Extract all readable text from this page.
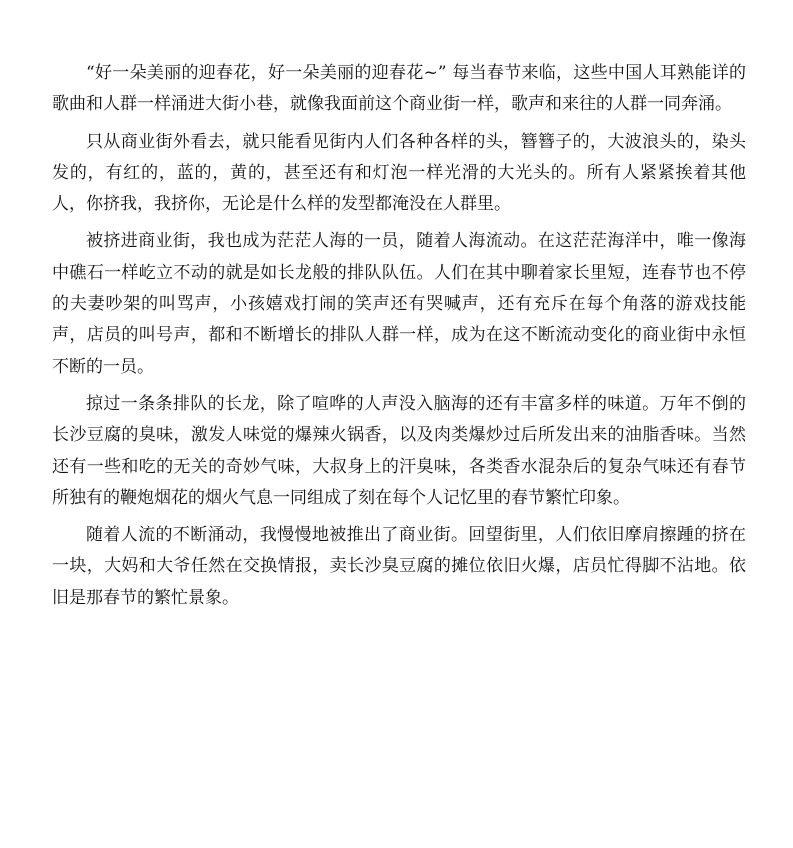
“好一朵美丽的迎春花，好一朵美丽的迎春花~” 每当春节来临，这些中国人耳熟能详的歌曲和人群一样涌进大街小巷，就像我面前这个商业街一样，歌声和来往的人群一同奔涌。

只从商业街外看去，就只能看见街内人们各种各样的头，簪簪子的，大波浪头的，染头发的，有红的，蓝的，黄的，甚至还有和灯泡一样光滑的大光头的。所有人紧紧挨着其他人，你挤我，我挤你，无论是什么样的发型都淹没在人群里。

被挤进商业街，我也成为茫茫人海的一员，随着人海流动。在这茫茫海洋中，唯一像海中礁石一样屹立不动的就是如长龙般的排队队伍。人们在其中聊着家长里短，连春节也不停的夫妻吵架的叫骂声，小孩嬉戏打闹的笑声还有哭喊声，还有充斥在每个角落的游戏技能声，店员的叫号声，都和不断增长的排队人群一样，成为在这不断流动变化的商业街中永恒不断的一员。

掠过一条条排队的长龙，除了喧哗的人声没入脑海的还有丰富多样的味道。万年不倒的长沙豆腐的臭味，激发人味觉的爆辣火锅香，以及肉类爆炒过后所发出来的油脂香味。当然还有一些和吃的无关的奇妙气味，大叔身上的汗臭味，各类香水混杂后的复杂气味还有春节所独有的鞭炮烟花的烟火气息一同组成了刻在每个人记忆里的春节繁忙印象。

随着人流的不断涌动，我慢慢地被推出了商业街。回望街里，人们依旧摩肩擦踵的挤在一块，大妈和大爷任然在交换情报，卖长沙臭豆腐的摊位依旧火爆，店员忙得脚不沾地。依旧是那春节的繁忙景象。
